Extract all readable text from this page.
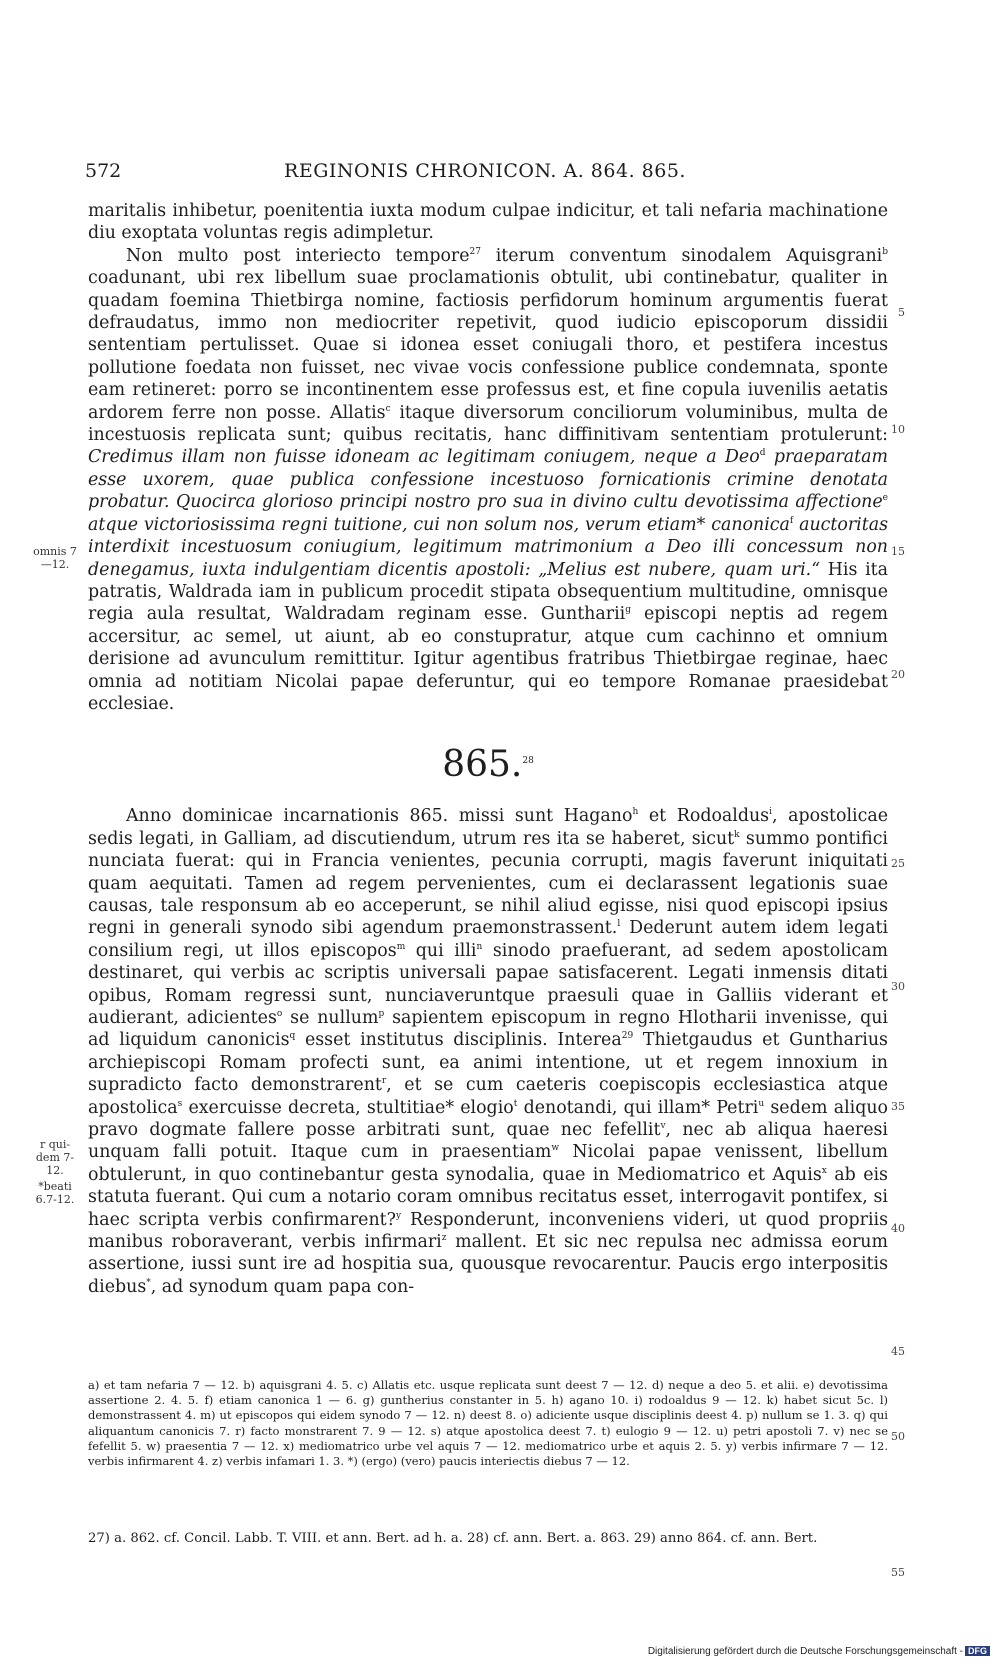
572	REGINONIS CHRONICON. A. 864. 865.

maritalis inhibetur, poenitentia iuxta modum culpae indicitur, et tali nefaria machinatione diu exoptata voluntas regis adimpletur.

Non multo post interiecto tempore$^{27}$ iterum conventum sinodalem Aquisgrani$^b$ coadunant, ubi rex libellum suae proclamationis obtulit, ubi continebatur, qualiter in quadam foemina Thietbirga nomine, factiosis perfidorum hominum argumentis fuerat defraudatus, immo non mediocriter repetivit, quod iudicio episcoporum dissidii sententiam pertulisset. Quae si idonea esset coniugali thoro, et pestifera incestus pollutione foedata non fuisset, nec vivae vocis confessione publice condemnata, sponte eam retineret: porro se incontinentem esse professus est, et fine copula iuvenilis aetatis ardorem ferre non posse. Allatis$^c$ itaque diversorum conciliorum voluminibus, multa de incestuosis replicata sunt; quibus recitatis, hanc diffinitivam sententiam protulerunt: Credimus illam non fuisse idoneam ac legitimam coniugem, neque a Deo$^d$ praeparatam esse uxorem, quae publica confessione incestuoso fornicationis crimine denotata probatur. Quocirca glorioso principi nostro pro sua in divino cultu devotissima affectione$^e$ atque victoriosissima regni tuitione, cui non solum nos, verum etiam* canonica$^f$ auctoritas interdixit incestuosum coniugium, legitimum matrimonium a Deo illi concessum non denegamus, iuxta indulgentiam dicentis apostoli: „Melius est nubere, quam uri.“ His ita patratis, Waldrada iam in publicum procedit stipata obsequentium multitudine, omnisque regia aula resultat, Waldradam reginam esse. Guntharii$^g$ episcopi neptis ad regem accersitur, ac semel, ut aiunt, ab eo constupratur, atque cum cachinno et omnium derisione ad avunculum remittitur. Igitur agentibus fratribus Thietbirgae reginae, haec omnia ad notitiam Nicolai papae deferuntur, qui eo tempore Romanae praesidebat ecclesiae.

865.28

Anno dominicae incarnationis 865. missi sunt Hagano$^h$ et Rodoaldus$^i$, apostolicae sedis legati, in Galliam, ad discutiendum, utrum res ita se haberet, sicut$^k$ summo pontifici nunciata fuerat: qui in Francia venientes, pecunia corrupti, magis faverunt iniquitati quam aequitati. Tamen ad regem pervenientes, cum ei declarassent legationis suae causas, tale responsum ab eo acceperunt, se nihil aliud egisse, nisi quod episcopi ipsius regni in generali synodo sibi agendum praemonstrassent.$^l$ Dederunt autem idem legati consilium regi, ut illos episcopos$^m$ qui illi$^n$ sinodo praefuerant, ad sedem apostolicam destinaret, qui verbis ac scriptis universali papae satisfacerent. Legati inmensis ditati opibus, Romam regressi sunt, nunciaveruntque praesuli quae in Galliis viderant et audierant, adicientes$^o$ se nullum$^p$ sapientem episcopum in regno Hlotharii invenisse, qui ad liquidum canonicis$^q$ esset institutus disciplinis. Interea$^{29}$ Thietgaudus et Guntharius archiepiscopi Romam profecti sunt, ea animi intentione, ut et regem innoxium in supradicto facto demonstrarent$^r$, et se cum caeteris coepiscopis ecclesiastica atque apostolica$^s$ exercuisse decreta, stultitiae* elogio$^t$ denotandi, qui illam* Petri$^u$ sedem aliquo pravo dogmate fallere posse arbitrati sunt, quae nec fefellit$^v$, nec ab aliqua haeresi unquam falli potuit. Itaque cum in praesentiam$^w$ Nicolai papae venissent, libellum obtulerunt, in quo continebantur gesta synodalia, quae in Mediomatrico et Aquis$^x$ ab eis statuta fuerant. Qui cum a notario coram omnibus recitatus esset, interrogavit pontifex, si haec scripta verbis confirmarent?$^y$ Responderunt, inconveniens videri, ut quod propriis manibus roboraverant, verbis infirmari$^z$ mallent. Et sic nec repulsa nec admissa eorum assertione, iussi sunt ire ad hospitia sua, quousque revocarentur. Paucis ergo interpositis diebus*, ad synodum quam papa con-

5
10
15
20
25
30
35
40
45
50
55
omnis 7—12.
r qui-dem 7-12.
*beati 6.7-12.

a) et tam nefaria 7 — 12. b) aquisgrani 4. 5. c) Allatis etc. usque replicata sunt deest 7 — 12. d) neque a deo 5. et alii. e) devotissima assertione 2. 4. 5. f) etiam canonica 1 — 6. g) guntherius constanter in 5. h) agano 10. i) rodoaldus 9 — 12. k) habet sicut 5c. l) demonstrassent 4. m) ut episcopos qui eidem synodo 7 — 12. n) deest 8. o) adiciente usque disciplinis deest 4. p) nullum se 1. 3. q) qui aliquantum canonicis 7. r) facto monstrarent 7. 9 — 12. s) atque apostolica deest 7. t) eulogio 9 — 12. u) petri apostoli 7. v) nec se fefellit 5. w) praesentia 7 — 12. x) mediomatrico urbe vel aquis 7 — 12. mediomatrico urbe et aquis 2. 5. y) verbis infirmare 7 — 12. verbis infirmarent 4. z) verbis infamari 1. 3. *) (ergo) (vero) paucis interiectis diebus 7 — 12.

27) a. 862. cf. Concil. Labb. T. VIII. et ann. Bert. ad h. a. 28) cf. ann. Bert. a. 863. 29) anno 864. cf. ann. Bert.

Digitalisierung gefördert durch die Deutsche Forschungsgemeinschaft - DFG
